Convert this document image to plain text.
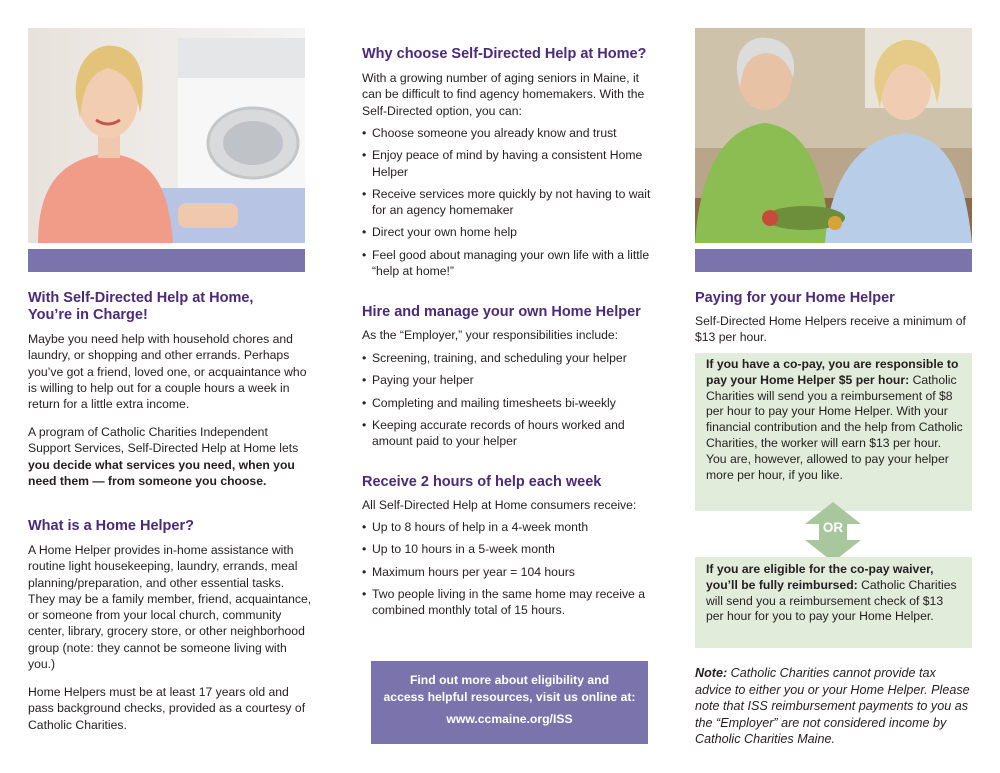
With Self-Directed Help at Home, You’re in Charge!

Maybe you need help with household chores and laundry, or shopping and other errands. Perhaps you’ve got a friend, loved one, or acquaintance who is willing to help out for a couple hours a week in return for a little extra income.

A program of Catholic Charities Independent Support Services, Self-Directed Help at Home lets you decide what services you need, when you need them — from someone you choose.

What is a Home Helper?

A Home Helper provides in-home assistance with routine light housekeeping, laundry, errands, meal planning/preparation, and other essential tasks. They may be a family member, friend, acquaintance, or someone from your local church, community center, library, grocery store, or other neighborhood group (note: they cannot be someone living with you.)

Home Helpers must be at least 17 years old and pass background checks, provided as a courtesy of Catholic Charities.

Why choose Self-Directed Help at Home?

With a growing number of aging seniors in Maine, it can be difficult to find agency homemakers. With the Self-Directed option, you can:

• Choose someone you already know and trust
• Enjoy peace of mind by having a consistent Home Helper
• Receive services more quickly by not having to wait for an agency homemaker
• Direct your own home help
• Feel good about managing your own life with a little “help at home!”
Hire and manage your own Home Helper

As the “Employer,” your responsibilities include:

• Screening, training, and scheduling your helper
• Paying your helper
• Completing and mailing timesheets bi-weekly
• Keeping accurate records of hours worked and amount paid to your helper
Receive 2 hours of help each week

All Self-Directed Help at Home consumers receive:

• Up to 8 hours of help in a 4-week month
• Up to 10 hours in a 5-week month
• Maximum hours per year = 104 hours
• Two people living in the same home may receive a combined monthly total of 15 hours.
Find out more about eligibility and
access helpful resources, visit us online at:
www.ccmaine.org/ISS
Paying for your Home Helper

Self-Directed Home Helpers receive a minimum of $13 per hour.

If you have a co-pay, you are responsible to pay your Home Helper $5 per hour: Catholic Charities will send you a reimbursement of $8 per hour to pay your Home Helper. With your financial contribution and the help from Catholic Charities, the worker will earn $13 per hour. You are, however, allowed to pay your helper more per hour, if you like.

OR

If you are eligible for the co-pay waiver, you’ll be fully reimbursed: Catholic Charities will send you a reimbursement check of $13 per hour for you to pay your Home Helper.

Note: Catholic Charities cannot provide tax advice to either you or your Home Helper. Please note that ISS reimbursement payments to you as the “Employer” are not considered income by Catholic Charities Maine.
